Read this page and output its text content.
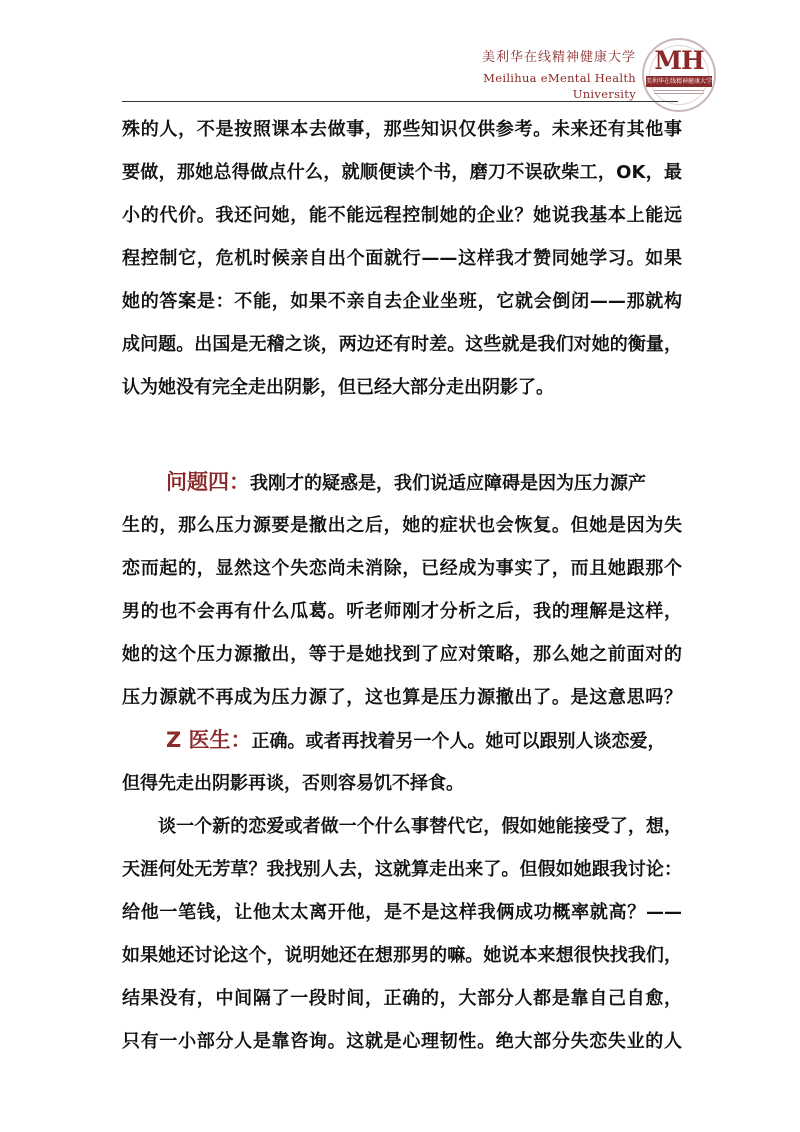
美利华在线精神健康大学
Meilihua eMental Health University
MH
美利华在线精神健康大学
殊的人，不是按照课本去做事，那些知识仅供参考。未来还有其他事
要做，那她总得做点什么，就顺便读个书，磨刀不误砍柴工，OK，最
小的代价。我还问她，能不能远程控制她的企业？她说我基本上能远
程控制它，危机时候亲自出个面就行——这样我才赞同她学习。如果
她的答案是：不能，如果不亲自去企业坐班，它就会倒闭——那就构
成问题。出国是无稽之谈，两边还有时差。这些就是我们对她的衡量，
认为她没有完全走出阴影，但已经大部分走出阴影了。
问题四：我刚才的疑惑是，我们说适应障碍是因为压力源产
生的，那么压力源要是撤出之后，她的症状也会恢复。但她是因为失
恋而起的，显然这个失恋尚未消除，已经成为事实了，而且她跟那个
男的也不会再有什么瓜葛。听老师刚才分析之后，我的理解是这样，
她的这个压力源撤出，等于是她找到了应对策略，那么她之前面对的
压力源就不再成为压力源了，这也算是压力源撤出了。是这意思吗？
Z 医生：正确。或者再找着另一个人。她可以跟别人谈恋爱，
但得先走出阴影再谈，否则容易饥不择食。
谈一个新的恋爱或者做一个什么事替代它，假如她能接受了，想，
天涯何处无芳草？我找别人去，这就算走出来了。但假如她跟我讨论：
给他一笔钱，让他太太离开他，是不是这样我俩成功概率就高？——
如果她还讨论这个，说明她还在想那男的嘛。她说本来想很快找我们，
结果没有，中间隔了一段时间，正确的，大部分人都是靠自己自愈，
只有一小部分人是靠咨询。这就是心理韧性。绝大部分失恋失业的人
